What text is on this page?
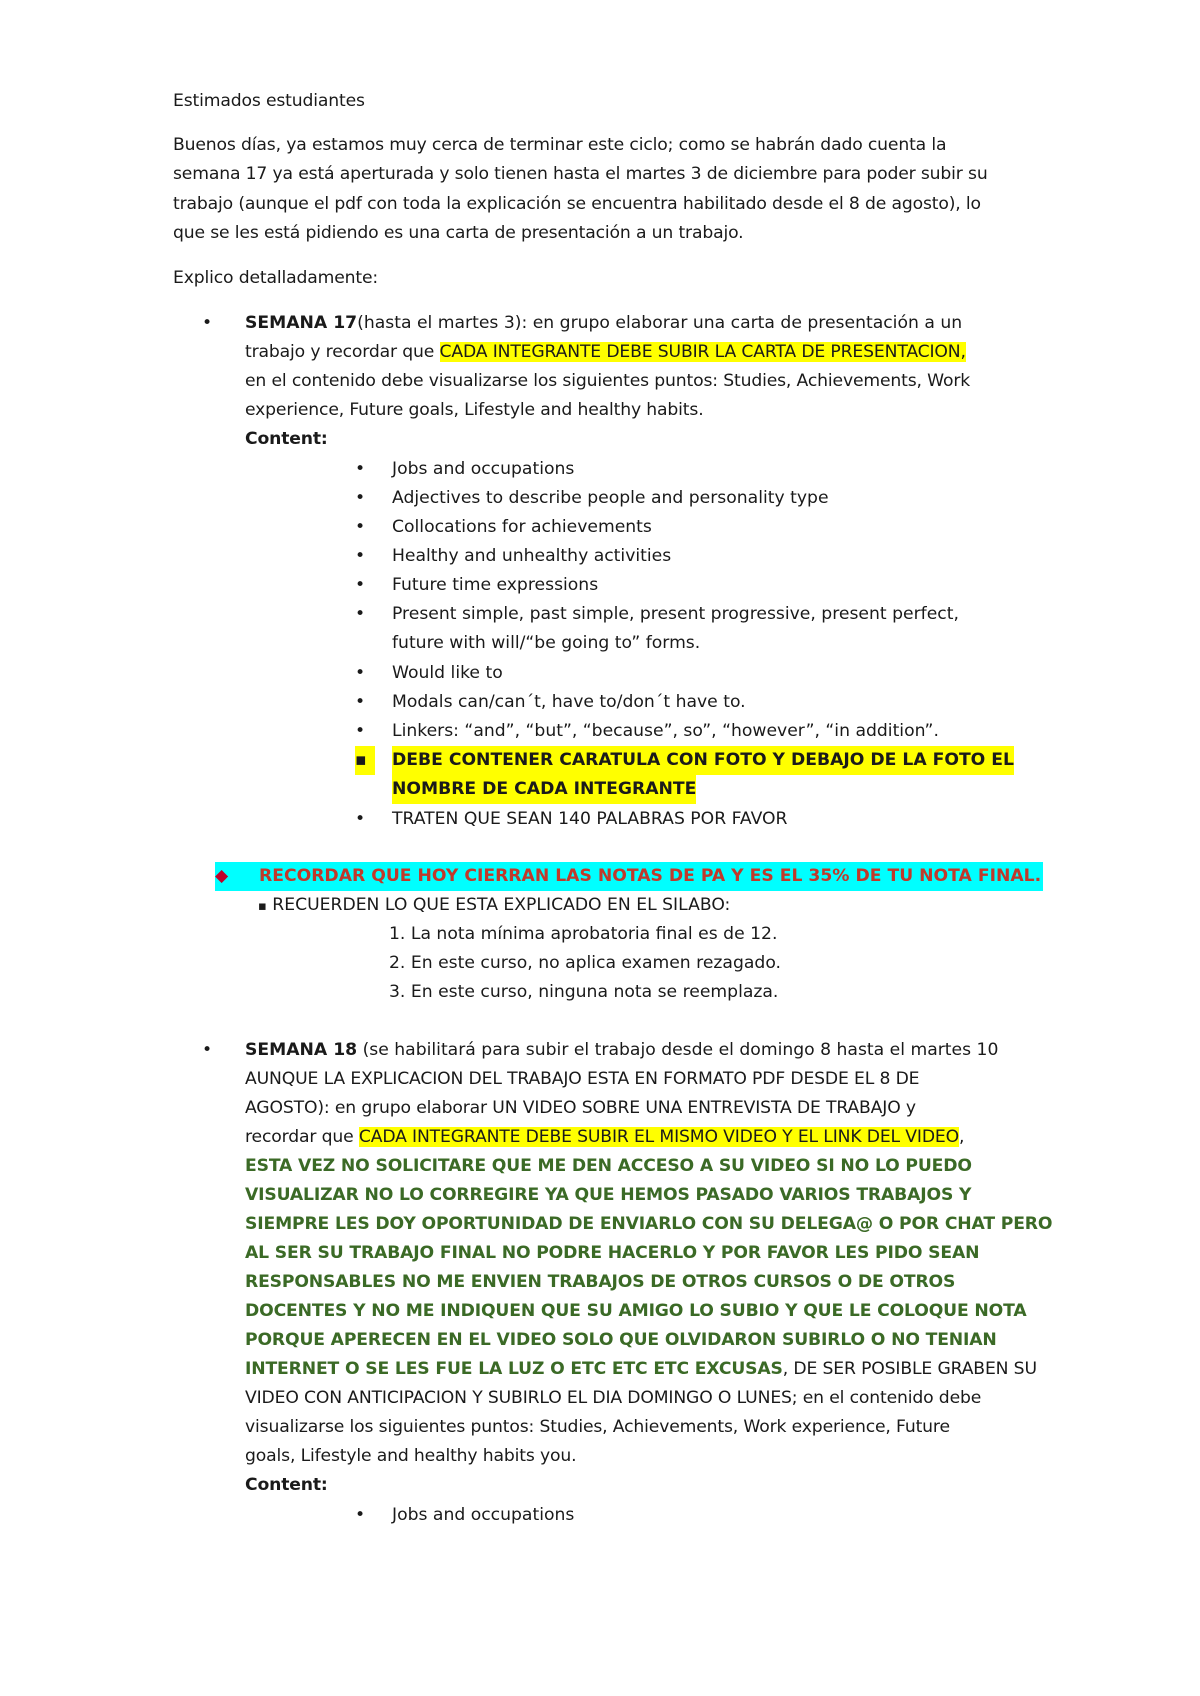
Estimados estudiantes
Buenos días, ya estamos muy cerca de terminar este ciclo; como se habrán dado cuenta la
semana 17 ya está aperturada y solo tienen hasta el martes 3 de diciembre para poder subir su
trabajo (aunque el pdf con toda la explicación se encuentra habilitado desde el 8 de agosto), lo
que se les está pidiendo es una carta de presentación a un trabajo.
Explico detalladamente:
•	SEMANA 17(hasta el martes 3): en grupo elaborar una carta de presentación a un
trabajo y recordar que CADA INTEGRANTE DEBE SUBIR LA CARTA DE PRESENTACION,
en el contenido debe visualizarse los siguientes puntos: Studies, Achievements, Work
experience, Future goals, Lifestyle and healthy habits.
Content:
•	Jobs and occupations
•	Adjectives to describe people and personality type
•	Collocations for achievements
•	Healthy and unhealthy activities
•	Future time expressions
•	Present simple, past simple, present progressive, present perfect,
future with will/“be going to” forms.
•	Would like to
•	Modals can/can´t, have to/don´t have to.
•	Linkers: “and”, “but”, “because”, so”, “however”, “in addition”.
▪	DEBE CONTENER CARATULA CON FOTO Y DEBAJO DE LA FOTO EL
NOMBRE DE CADA INTEGRANTE
•	TRATEN QUE SEAN 140 PALABRAS POR FAVOR
◆ RECORDAR QUE HOY CIERRAN LAS NOTAS DE PA Y ES EL 35% DE TU NOTA FINAL.
▪ RECUERDEN LO QUE ESTA EXPLICADO EN EL SILABO:
1. La nota mínima aprobatoria final es de 12.
2. En este curso, no aplica examen rezagado.
3. En este curso, ninguna nota se reemplaza.
•	SEMANA 18 (se habilitará para subir el trabajo desde el domingo 8 hasta el martes 10
AUNQUE LA EXPLICACION DEL TRABAJO ESTA EN FORMATO PDF DESDE EL 8 DE
AGOSTO): en grupo elaborar UN VIDEO SOBRE UNA ENTREVISTA DE TRABAJO y
recordar que CADA INTEGRANTE DEBE SUBIR EL MISMO VIDEO Y EL LINK DEL VIDEO,
ESTA VEZ NO SOLICITARE QUE ME DEN ACCESO A SU VIDEO SI NO LO PUEDO
VISUALIZAR NO LO CORREGIRE YA QUE HEMOS PASADO VARIOS TRABAJOS Y
SIEMPRE LES DOY OPORTUNIDAD DE ENVIARLO CON SU DELEGA@ O POR CHAT PERO
AL SER SU TRABAJO FINAL NO PODRE HACERLO Y POR FAVOR LES PIDO SEAN
RESPONSABLES NO ME ENVIEN TRABAJOS DE OTROS CURSOS O DE OTROS
DOCENTES Y NO ME INDIQUEN QUE SU AMIGO LO SUBIO Y QUE LE COLOQUE NOTA
PORQUE APERECEN EN EL VIDEO SOLO QUE OLVIDARON SUBIRLO O NO TENIAN
INTERNET O SE LES FUE LA LUZ O ETC ETC ETC EXCUSAS, DE SER POSIBLE GRABEN SU
VIDEO CON ANTICIPACION Y SUBIRLO EL DIA DOMINGO O LUNES; en el contenido debe
visualizarse los siguientes puntos: Studies, Achievements, Work experience, Future
goals, Lifestyle and healthy habits you.
Content:
•	Jobs and occupations
